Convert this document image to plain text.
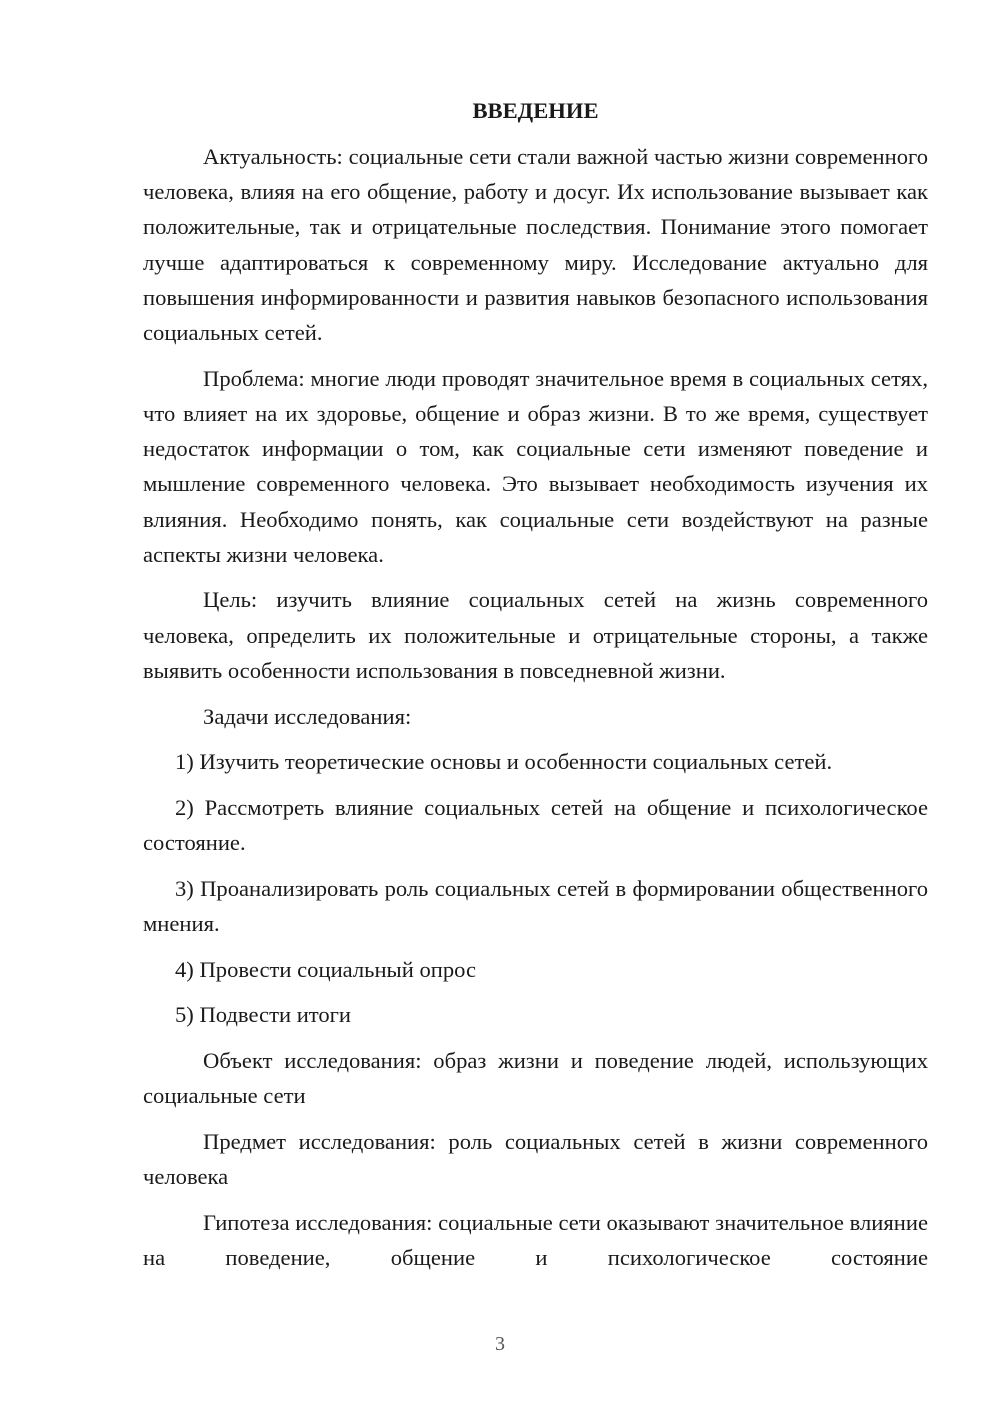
ВВЕДЕНИЕ

Актуальность: социальные сети стали важной частью жизни современного человека, влияя на его общение, работу и досуг. Их использование вызывает как положительные, так и отрицательные последствия. Понимание этого помогает лучше адаптироваться к современному миру. Исследование актуально для повышения информированности и развития навыков безопасного использования социальных сетей.

Проблема: многие люди проводят значительное время в социальных сетях, что влияет на их здоровье, общение и образ жизни. В то же время, существует недостаток информации о том, как социальные сети изменяют поведение и мышление современного человека. Это вызывает необходимость изучения их влияния. Необходимо понять, как социальные сети воздействуют на разные аспекты жизни человека.

Цель: изучить влияние социальных сетей на жизнь современного человека, определить их положительные и отрицательные стороны, а также выявить особенности использования в повседневной жизни.

Задачи исследования:

1) Изучить теоретические основы и особенности социальных сетей.

2) Рассмотреть влияние социальных сетей на общение и психологическое состояние.

3) Проанализировать роль социальных сетей в формировании общественного мнения.

4) Провести социальный опрос

5) Подвести итоги

Объект исследования: образ жизни и поведение людей, использующих социальные сети

Предмет исследования: роль социальных сетей в жизни современного человека

Гипотеза исследования: социальные сети оказывают значительное влияние на поведение, общение и психологическое состояние

3
